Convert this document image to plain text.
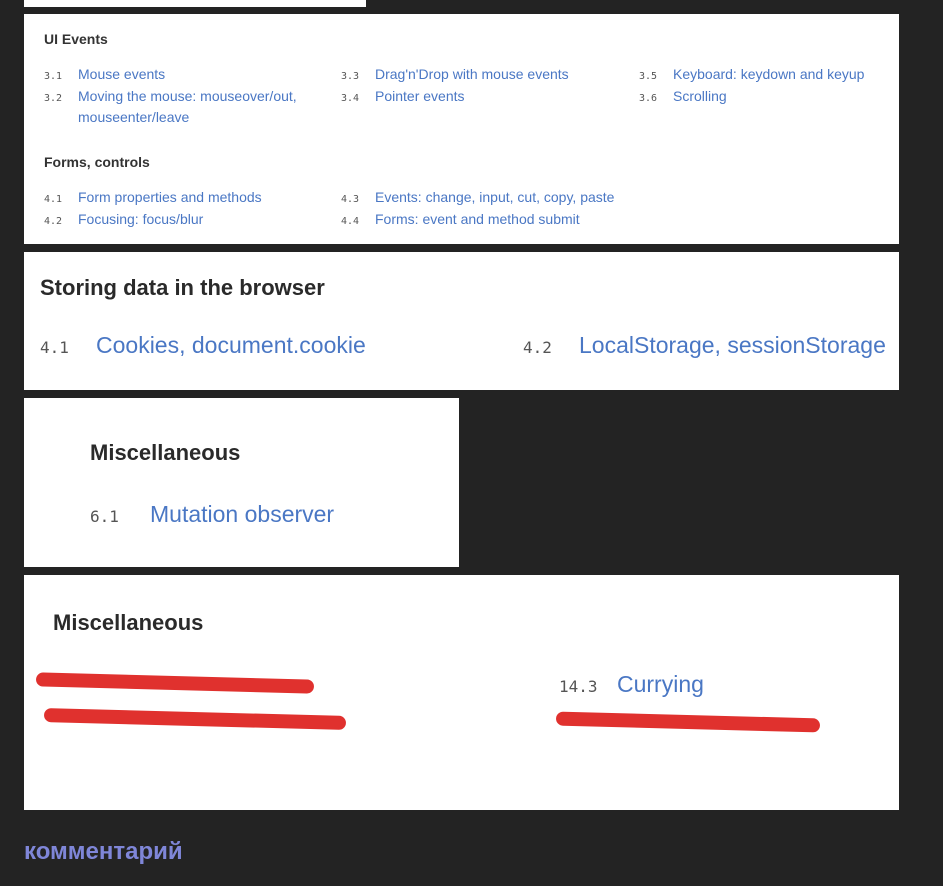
UI Events
3.1	Mouse events
3.2	Moving the mouse: mouseover/out, mouseenter/leave
3.3	Drag'n'Drop with mouse events
3.4	Pointer events
3.5	Keyboard: keydown and keyup
3.6	Scrolling
Forms, controls
4.1	Form properties and methods
4.2	Focusing: focus/blur
4.3	Events: change, input, cut, copy, paste
4.4	Forms: event and method submit
Storing data in the browser
4.1	Cookies, document.cookie	4.2	LocalStorage, sessionStorage
Miscellaneous
6.1	Mutation observer
Miscellaneous
14.3 Currying
комментарий
